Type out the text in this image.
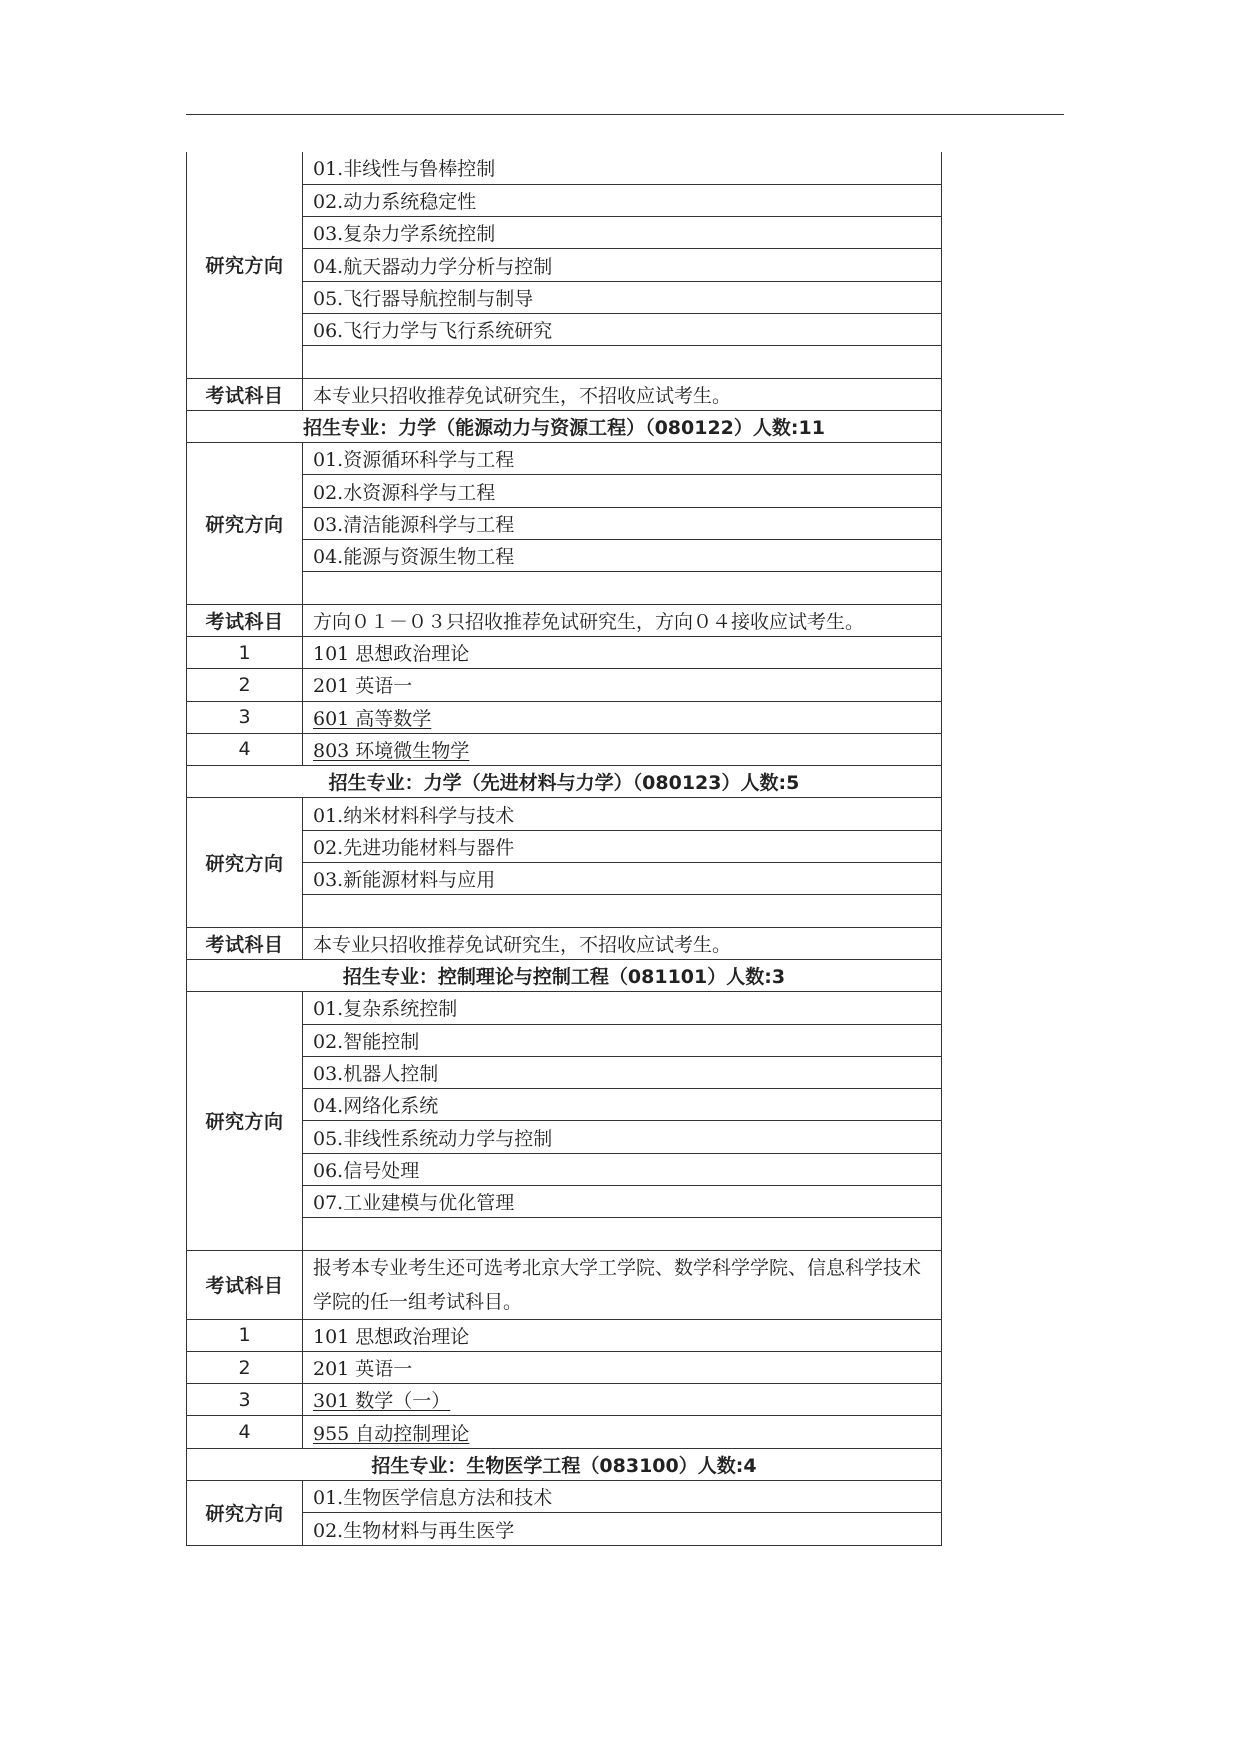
研究方向	01.非线性与鲁棒控制
	02.动力系统稳定性
	03.复杂力学系统控制
	04.航天器动力学分析与控制
	05.飞行器导航控制与制导
	06.飞行力学与飞行系统研究

考试科目	本专业只招收推荐免试研究生，不招收应试考生。
招生专业：力学（能源动力与资源工程）（080122）人数:11	
研究方向	01.资源循环科学与工程
	02.水资源科学与工程
	03.清洁能源科学与工程
	04.能源与资源生物工程

考试科目	方向０１－０３只招收推荐免试研究生，方向０４接收应试考生。
1	101 思想政治理论
2	201 英语一
3	601 高等数学
4	803 环境微生物学
招生专业：力学（先进材料与力学）（080123）人数:5	
研究方向	01.纳米材料科学与技术
	02.先进功能材料与器件
	03.新能源材料与应用

考试科目	本专业只招收推荐免试研究生，不招收应试考生。
招生专业：控制理论与控制工程（081101）人数:3	
研究方向	01.复杂系统控制
	02.智能控制
	03.机器人控制
	04.网络化系统
	05.非线性系统动力学与控制
	06.信号处理
	07.工业建模与优化管理

考试科目	报考本专业考生还可选考北京大学工学院、数学科学学院、信息科学技术学院的任一组考试科目。
1	101 思想政治理论
2	201 英语一
3	301 数学（一）
4	955 自动控制理论
招生专业：生物医学工程（083100）人数:4	
研究方向	01.生物医学信息方法和技术
	02.生物材料与再生医学
